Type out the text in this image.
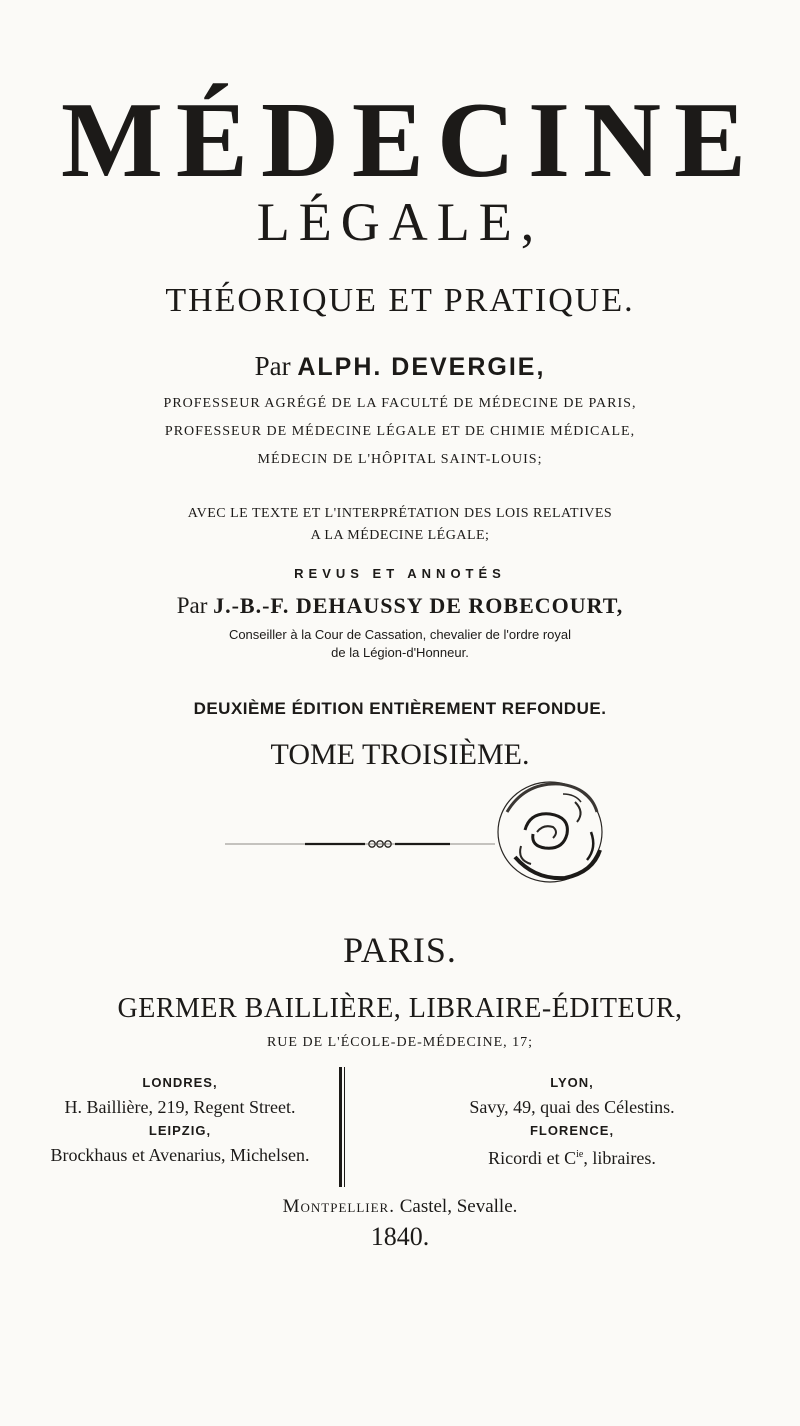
MÉDECINE
LÉGALE,
THÉORIQUE ET PRATIQUE.
Par ALPH. DEVERGIE,
PROFESSEUR AGRÉGÉ DE LA FACULTÉ DE MÉDECINE DE PARIS,
PROFESSEUR DE MÉDECINE LÉGALE ET DE CHIMIE MÉDICALE,
MÉDECIN DE L'HÔPITAL SAINT-LOUIS;
AVEC LE TEXTE ET L'INTERPRÉTATION DES LOIS RELATIVES
A LA MÉDECINE LÉGALE;
REVUS ET ANNOTÉS
Par J.-B.-F. DEHAUSSY DE ROBECOURT,
Conseiller à la Cour de Cassation, chevalier de l'ordre royal
de la Légion-d'Honneur.
DEUXIÈME ÉDITION ENTIÈREMENT REFONDUE.
TOME TROISIÈME.
PARIS.
GERMER BAILLIÈRE, LIBRAIRE-ÉDITEUR,
RUE DE L'ÉCOLE-DE-MÉDECINE, 17;
LONDRES,
H. Baillière, 219, Regent Street.
LEIPZIG,
Brockhaus et Avenarius, Michelsen.
LYON,
Savy, 49, quai des Célestins.
FLORENCE,
Ricordi et $C^{ie}$, libraires.
Montpellier. Castel, Sevalle.
1840.
